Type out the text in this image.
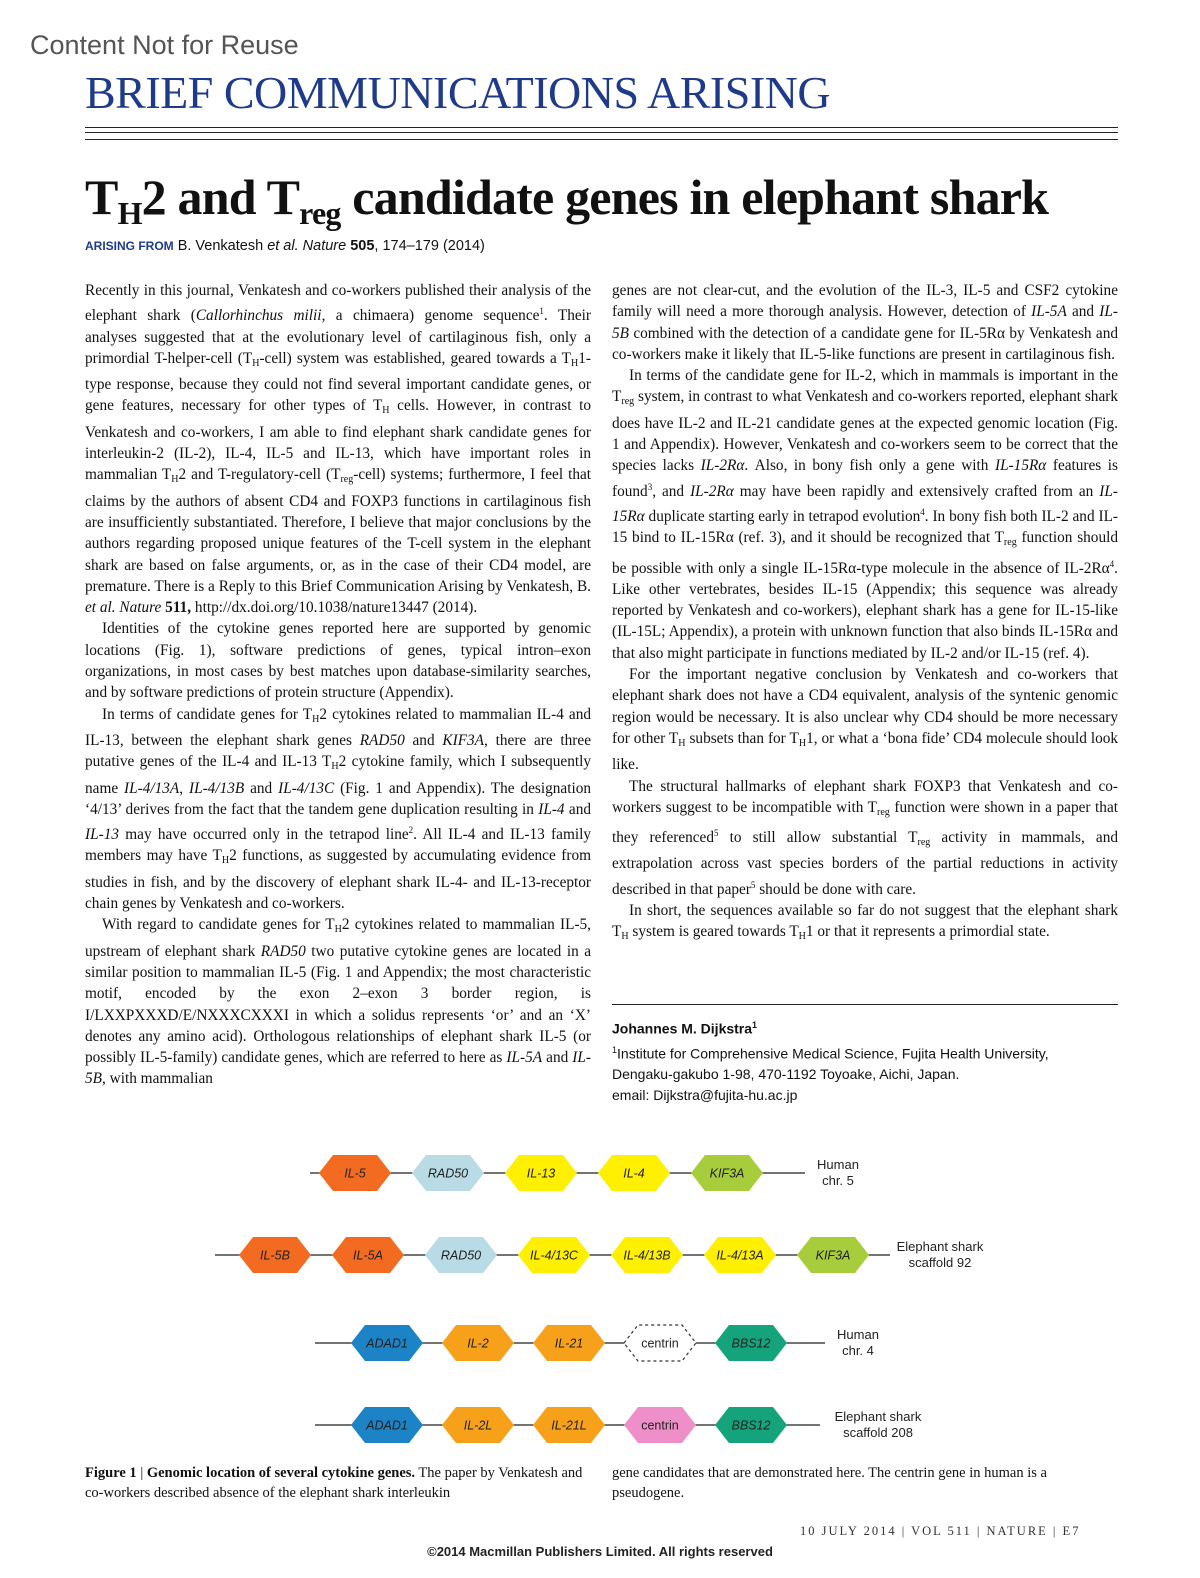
Content Not for Reuse
BRIEF COMMUNICATIONS ARISING
$T_H2$ and $T_{reg}$ candidate genes in elephant shark
ARISING FROM B. Venkatesh et al. Nature 505, 174–179 (2014)

Recently in this journal, Venkatesh and co-workers published their analysis of the elephant shark (Callorhinchus milii, a chimaera) genome sequence$^1$. Their analyses suggested that at the evolutionary level of cartilaginous fish, only a primordial T-helper-cell $(T_H-cell)$ system was established, geared towards a $T_H1$-type response, because they could not find several important candidate genes, or gene features, necessary for other types of $T_H$ cells. However, in contrast to Venkatesh and co-workers, I am able to find elephant shark candidate genes for interleukin-2 (IL-2), IL-4, IL-5 and IL-13, which have important roles in mammalian $T_H2$ and T-regulatory-cell $(T_{reg}-cell)$ systems; furthermore, I feel that claims by the authors of absent CD4 and FOXP3 functions in cartilaginous fish are insufficiently substantiated. Therefore, I believe that major conclusions by the authors regarding proposed unique features of the T-cell system in the elephant shark are based on false arguments, or, as in the case of their CD4 model, are premature. There is a Reply to this Brief Communication Arising by Venkatesh, B. et al. Nature 511, http://dx.doi.org/10.1038/nature13447 (2014).

Identities of the cytokine genes reported here are supported by genomic locations (Fig. 1), software predictions of genes, typical intron–exon organizations, in most cases by best matches upon database-similarity searches, and by software predictions of protein structure (Appendix).

In terms of candidate genes for $T_H2$ cytokines related to mammalian IL-4 and IL-13, between the elephant shark genes RAD50 and KIF3A, there are three putative genes of the IL-4 and IL-13 $T_H2$ cytokine family, which I subsequently name IL-4/13A, IL-4/13B and IL-4/13C (Fig. 1 and Appendix). The designation ‘4/13’ derives from the fact that the tandem gene duplication resulting in IL-4 and IL-13 may have occurred only in the tetrapod line$^2$. All IL-4 and IL-13 family members may have $T_H2$ functions, as suggested by accumulating evidence from studies in fish, and by the discovery of elephant shark IL-4- and IL-13-receptor chain genes by Venkatesh and co-workers.

With regard to candidate genes for $T_H2$ cytokines related to mammalian IL-5, upstream of elephant shark RAD50 two putative cytokine genes are located in a similar position to mammalian IL-5 (Fig. 1 and Appendix; the most characteristic motif, encoded by the exon 2–exon 3 border region, is I/LXXPXXXD/E/NXXXCXXXI in which a solidus represents ‘or’ and an ‘X’ denotes any amino acid). Orthologous relationships of elephant shark IL-5 (or possibly IL-5-family) candidate genes, which are referred to here as IL-5A and IL-5B, with mammalian

genes are not clear-cut, and the evolution of the IL-3, IL-5 and CSF2 cytokine family will need a more thorough analysis. However, detection of IL-5A and IL-5B combined with the detection of a candidate gene for IL-5Rα by Venkatesh and co-workers make it likely that IL-5-like functions are present in cartilaginous fish.

In terms of the candidate gene for IL-2, which in mammals is important in the $T_{reg}$ system, in contrast to what Venkatesh and co-workers reported, elephant shark does have IL-2 and IL-21 candidate genes at the expected genomic location (Fig. 1 and Appendix). However, Venkatesh and co-workers seem to be correct that the species lacks IL-2Rα. Also, in bony fish only a gene with IL-15Rα features is found$^3$, and IL-2Rα may have been rapidly and extensively crafted from an IL-15Rα duplicate starting early in tetrapod evolution$^4$. In bony fish both IL-2 and IL-15 bind to IL-15Rα (ref. 3), and it should be recognized that $T_{reg}$ function should be possible with only a single IL-15Rα-type molecule in the absence of $IL-2R\alpha^4$. Like other vertebrates, besides IL-15 (Appendix; this sequence was already reported by Venkatesh and co-workers), elephant shark has a gene for IL-15-like (IL-15L; Appendix), a protein with unknown function that also binds IL-15Rα and that also might participate in functions mediated by IL-2 and/or IL-15 (ref. 4).

For the important negative conclusion by Venkatesh and co-workers that elephant shark does not have a CD4 equivalent, analysis of the syntenic genomic region would be necessary. It is also unclear why CD4 should be more necessary for other $T_H$ subsets than for $T_H1$, or what a ‘bona fide’ CD4 molecule should look like.

The structural hallmarks of elephant shark FOXP3 that Venkatesh and co-workers suggest to be incompatible with $T_{reg}$ function were shown in a paper that they referenced$^5$ to still allow substantial $T_{reg}$ activity in mammals, and extrapolation across vast species borders of the partial reductions in activity described in that paper$^5$ should be done with care.

In short, the sequences available so far do not suggest that the elephant shark $T_H$ system is geared towards $T_H1$ or that it represents a primordial state.

Johannes M. Dijkstra$^1$
$^1$Institute for Comprehensive Medical Science, Fujita Health University,
Dengaku-gakubo 1-98, 470-1192 Toyoake, Aichi, Japan.
email: Dijkstra@fujita-hu.ac.jp
IL-5	RAD50	IL-13	IL-4	KIF3A
Human
chr. 5
IL-5B	IL-5A	RAD50	IL-4/13C	IL-4/13B	IL-4/13A	KIF3A
Elephant shark
scaffold 92
ADAD1	IL-2	IL-21	centrin	BBS12
Human
chr. 4
ADAD1	IL-2L	IL-21L	centrin	BBS12
Elephant shark
scaffold 208
Figure 1 | Genomic location of several cytokine genes. The paper by Venkatesh and co-workers described absence of the elephant shark interleukin
gene candidates that are demonstrated here. The centrin gene in human is a pseudogene.
10 JULY 2014 | VOL 511 | NATURE | E7
©2014 Macmillan Publishers Limited. All rights reserved
